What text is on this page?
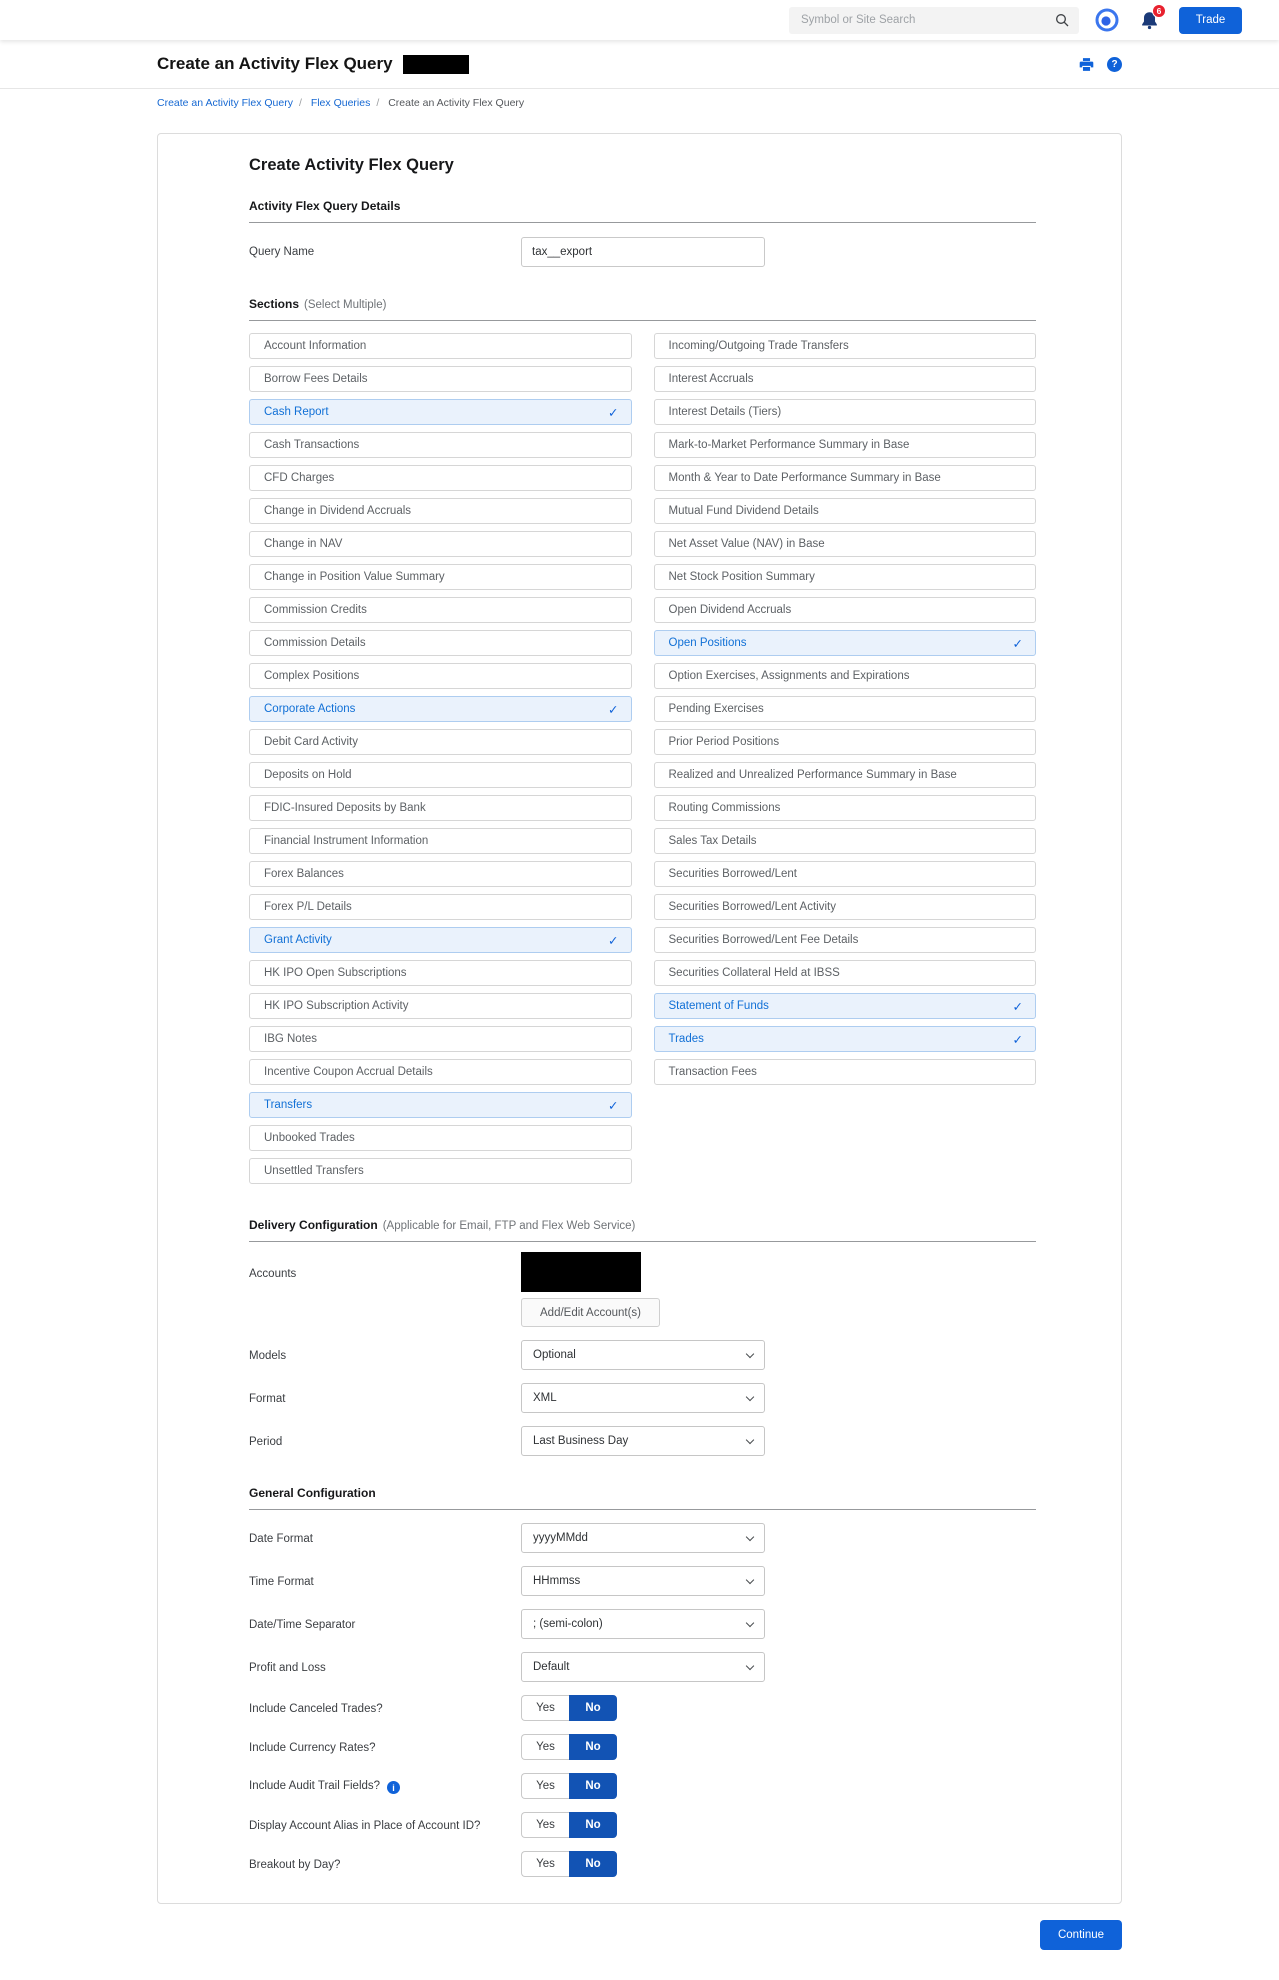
Symbol or Site Search
6
Trade
Create an Activity Flex Query	?
Create an Activity Flex Query / Flex Queries / Create an Activity Flex Query
Create Activity Flex Query
Activity Flex Query Details
Query Name
tax__export
Sections (Select Multiple)
Account Information
Borrow Fees Details
Cash Report	✓
Cash Transactions
CFD Charges
Change in Dividend Accruals
Change in NAV
Change in Position Value Summary
Commission Credits
Commission Details
Complex Positions
Corporate Actions	✓
Debit Card Activity
Deposits on Hold
FDIC-Insured Deposits by Bank
Financial Instrument Information
Forex Balances
Forex P/L Details
Grant Activity	✓
HK IPO Open Subscriptions
HK IPO Subscription Activity
IBG Notes
Incentive Coupon Accrual Details
Transfers	✓
Unbooked Trades
Unsettled Transfers
Incoming/Outgoing Trade Transfers
Interest Accruals
Interest Details (Tiers)
Mark-to-Market Performance Summary in Base
Month & Year to Date Performance Summary in Base
Mutual Fund Dividend Details
Net Asset Value (NAV) in Base
Net Stock Position Summary
Open Dividend Accruals
Open Positions	✓
Option Exercises, Assignments and Expirations
Pending Exercises
Prior Period Positions
Realized and Unrealized Performance Summary in Base
Routing Commissions
Sales Tax Details
Securities Borrowed/Lent
Securities Borrowed/Lent Activity
Securities Borrowed/Lent Fee Details
Securities Collateral Held at IBSS
Statement of Funds	✓
Trades	✓
Transaction Fees
Delivery Configuration (Applicable for Email, FTP and Flex Web Service)
Accounts
Add/Edit Account(s)
Models	Optional
Format	XML
Period	Last Business Day
General Configuration
Date Format	yyyyMMdd
Time Format	HHmmss
Date/Time Separator	; (semi-colon)
Profit and Loss	Default
Include Canceled Trades?	Yes	No
Include Currency Rates?	Yes	No
Include Audit Trail Fields? i	Yes	No
Display Account Alias in Place of Account ID?	Yes	No
Breakout by Day?	Yes	No
Continue
